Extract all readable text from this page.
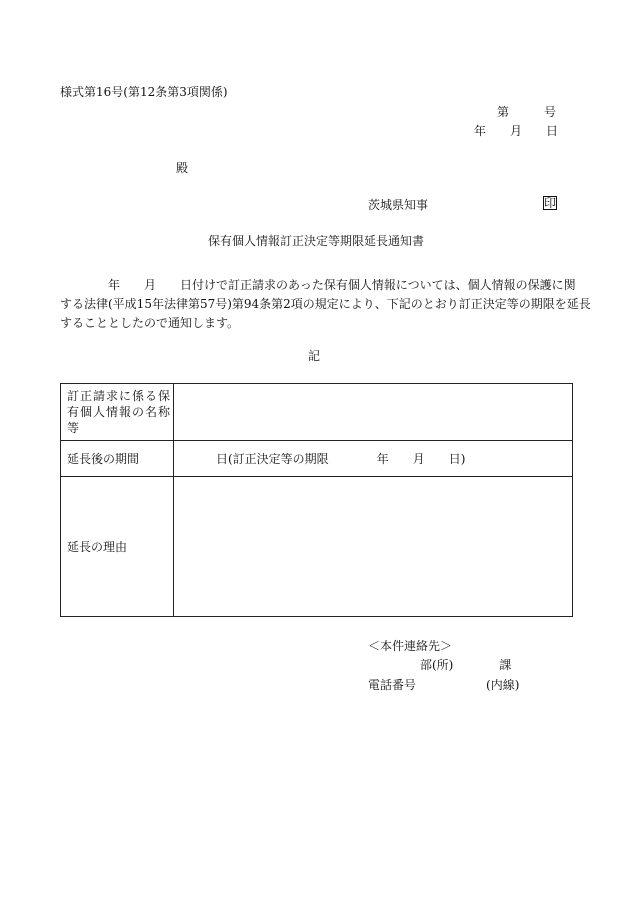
様式第16号(第12条第3項関係)
第	号
年 月 日
殿
茨城県知事	印
保有個人情報訂正決定等期限延長通知書
年 月 日付けで訂正請求のあった保有個人情報については、個人情報の保護に関
する法律(平成15年法律第57号)第94条第2項の規定により、下記のとおり訂正決定等の期限を延長
することとしたので通知します。
記
訂正請求に係る保
有個人情報の名称
等	

延長後の期間	日(訂正決定等の期限 年 月 日)
延長の理由	
＜本件連絡先＞
部(所)	課
電話番号	(内線)
